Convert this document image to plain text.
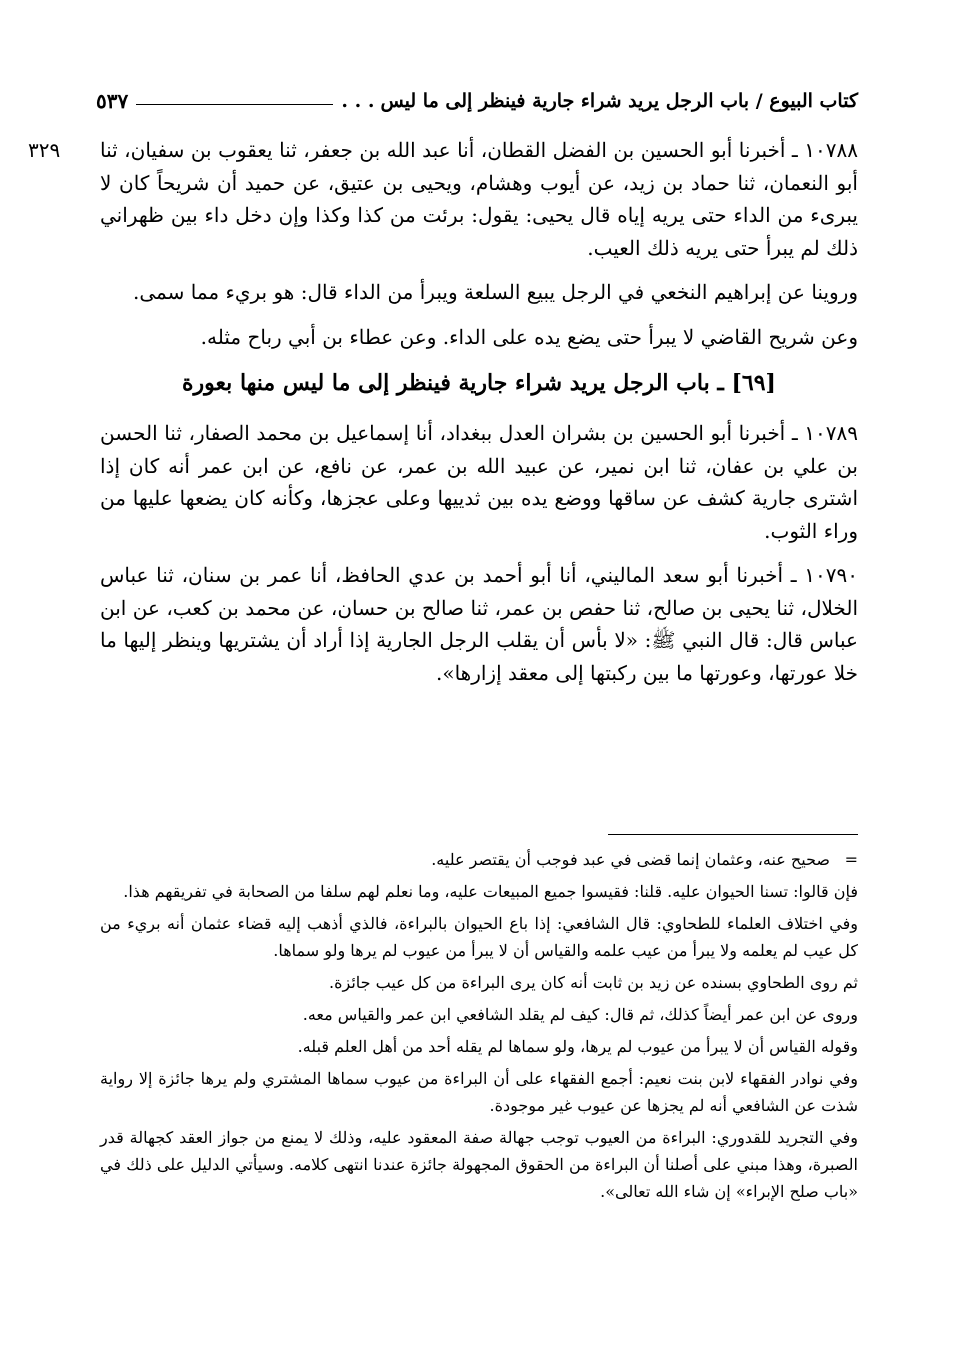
كتاب البيوع / باب الرجل يريد شراء جارية فينظر إلى ما ليس
. . .
٥٣٧
٣٢٩ ١٠٧٨٨ ـ أخبرنا أبو الحسين بن الفضل القطان، أنا عبد الله بن جعفر، ثنا يعقوب بن سفيان، ثنا أبو النعمان، ثنا حماد بن زيد، عن أيوب وهشام، ويحيى بن عتيق، عن حميد أن شريحاً كان لا يبرىء من الداء حتى يريه إياه قال يحيى: يقول: برئت من كذا وكذا وإن دخل داء بين ظهراني ذلك لم يبرأ حتى يريه ذلك العيب.

وروينا عن إبراهيم النخعي في الرجل يبيع السلعة ويبرأ من الداء قال: هو بريء مما سمى.

وعن شريح القاضي لا يبرأ حتى يضع يده على الداء. وعن عطاء بن أبي رباح مثله.

[٦٩] ـ باب الرجل يريد شراء جارية فينظر إلى ما ليس منها بعورة

١٠٧٨٩ ـ أخبرنا أبو الحسين بن بشران العدل ببغداد، أنا إسماعيل بن محمد الصفار، ثنا الحسن بن علي بن عفان، ثنا ابن نمير، عن عبيد الله بن عمر، عن نافع، عن ابن عمر أنه كان إذا اشترى جارية كشف عن ساقها ووضع يده بين ثدييها وعلى عجزها، وكأنه كان يضعها عليها من وراء الثوب.

١٠٧٩٠ ـ أخبرنا أبو سعد الماليني، أنا أبو أحمد بن عدي الحافظ، أنا عمر بن سنان، ثنا عباس الخلال، ثنا يحيى بن صالح، ثنا حفص بن عمر، ثنا صالح بن حسان، عن محمد بن كعب، عن ابن عباس قال: قال النبي ﷺ: «لا بأس أن يقلب الرجل الجارية إذا أراد أن يشتريها وينظر إليها ما خلا عورتها، وعورتها ما بين ركبتها إلى معقد إزارها».

=صحيح عنه، وعثمان إنما قضى في عبد فوجب أن يقتصر عليه.

فإن قالوا: تسنا الحيوان عليه. قلنا: فقيسوا جميع المبيعات عليه، وما نعلم لهم سلفا من الصحابة في تفريقهم هذا.

وفي اختلاف العلماء للطحاوي: قال الشافعي: إذا باع الحيوان بالبراءة، فالذي أذهب إليه قضاء عثمان أنه بريء من كل عيب لم يعلمه ولا يبرأ من عيب علمه والقياس أن لا يبرأ من عيوب لم يرها ولو سماها.

ثم روى الطحاوي بسنده عن زيد بن ثابت أنه كان يرى البراءة من كل عيب جائزة.

وروى عن ابن عمر أيضاً كذلك، ثم قال: كيف لم يقلد الشافعي ابن عمر والقياس معه.

وقوله القياس أن لا يبرأ من عيوب لم يرها، ولو سماها لم يقله أحد من أهل العلم قبله.

وفي نوادر الفقهاء لابن بنت نعيم: أجمع الفقهاء على أن البراءة من عيوب سماها المشتري ولم يرها جائزة إلا رواية شذت عن الشافعي أنه لم يجزها عن عيوب غير موجودة.

وفي التجريد للقدوري: البراءة من العيوب توجب جهالة صفة المعقود عليه، وذلك لا يمنع من جواز العقد كجهالة قدر الصبرة، وهذا مبني على أصلنا أن البراءة من الحقوق المجهولة جائزة عندنا انتهى كلامه. وسيأتي الدليل على ذلك في «باب صلح الإبراء» إن شاء الله تعالى».
